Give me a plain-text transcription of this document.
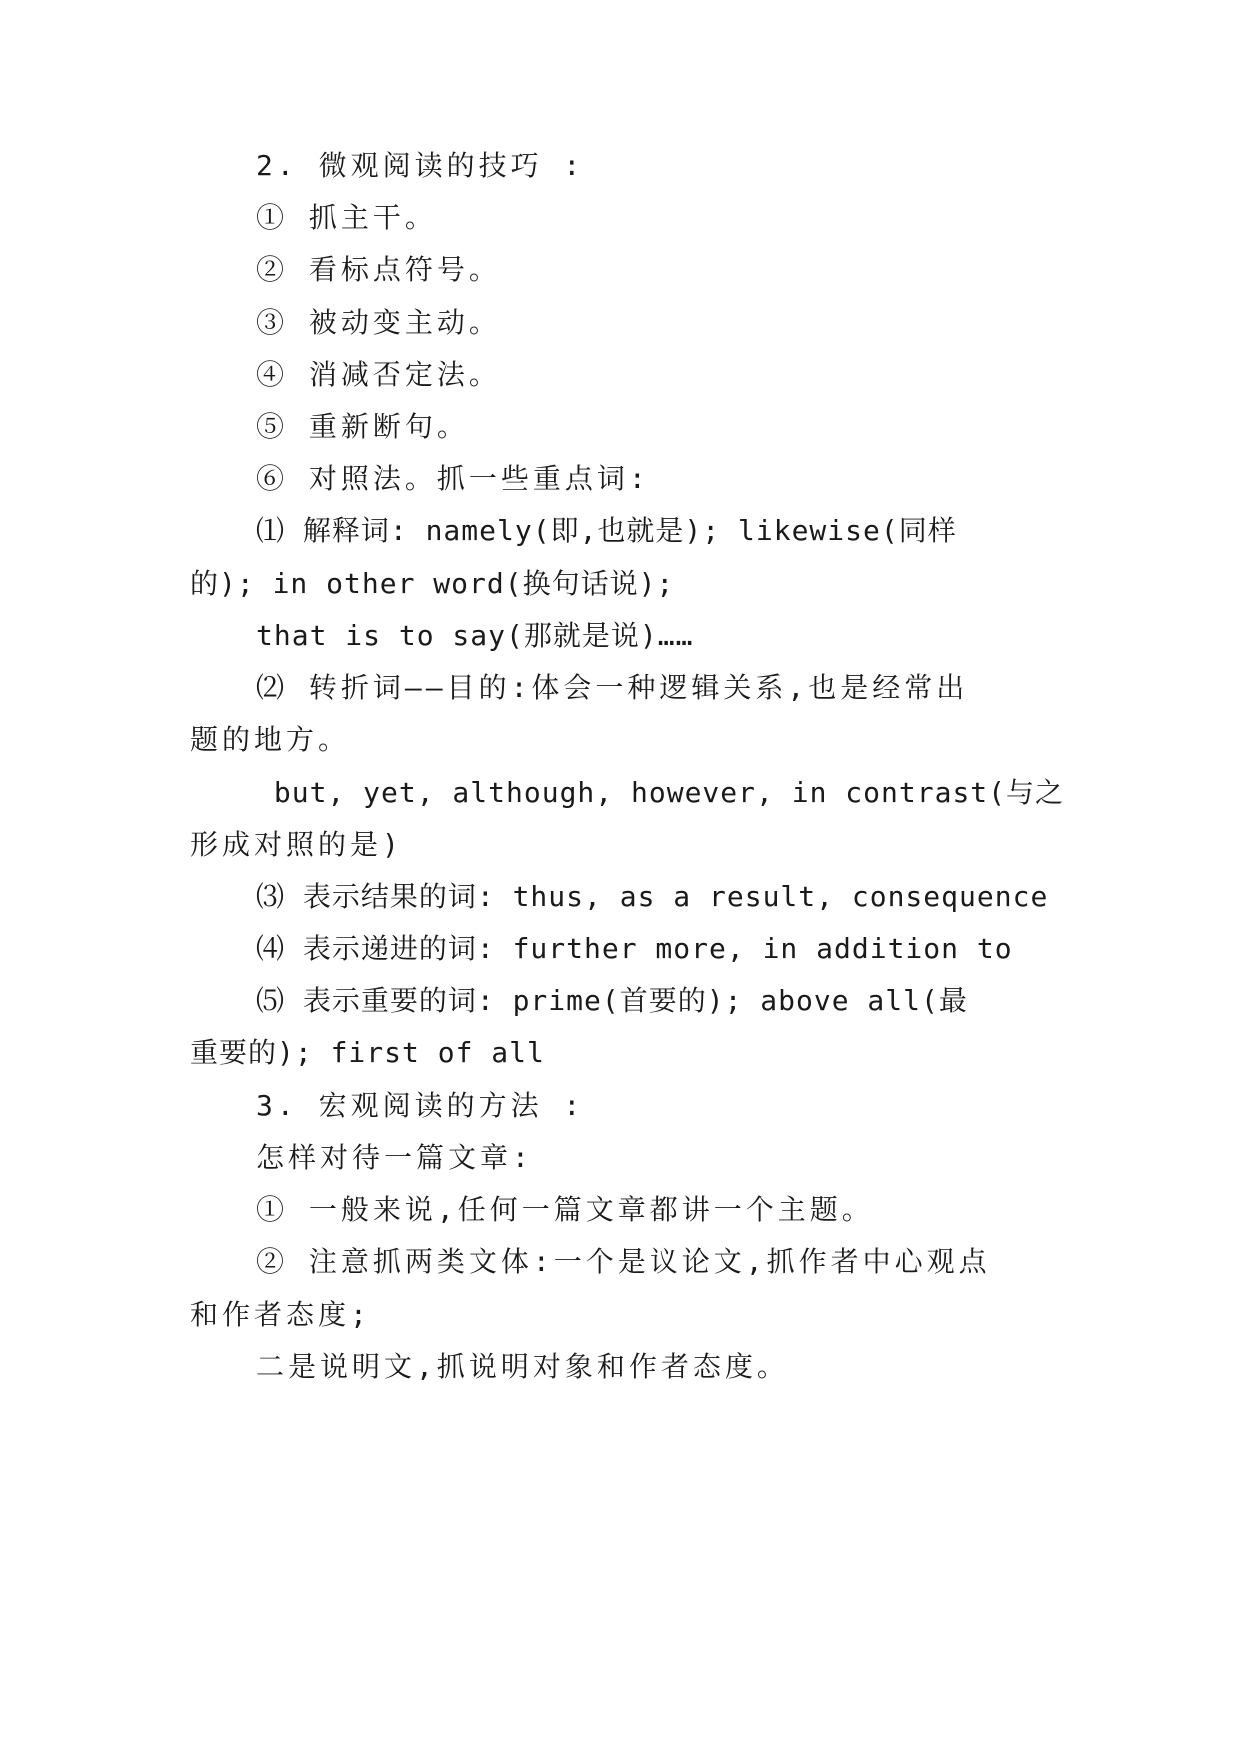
2. 微观阅读的技巧 :

① 抓主干。

② 看标点符号。

③ 被动变主动。

④ 消减否定法。

⑤ 重新断句。

⑥ 对照法。抓一些重点词:

⑴ 解释词: namely(即,也就是); likewise(同样

的); in other word(换句话说);

that is to say(那就是说)……

⑵ 转折词——目的:体会一种逻辑关系,也是经常出

题的地方。

but, yet, although, however, in contrast(与之

形成对照的是)

⑶ 表示结果的词: thus, as a result, consequence

⑷ 表示递进的词: further more, in addition to

⑸ 表示重要的词: prime(首要的); above all(最

重要的); first of all

3. 宏观阅读的方法 :

怎样对待一篇文章:

① 一般来说,任何一篇文章都讲一个主题。

② 注意抓两类文体:一个是议论文,抓作者中心观点

和作者态度;

二是说明文,抓说明对象和作者态度。
